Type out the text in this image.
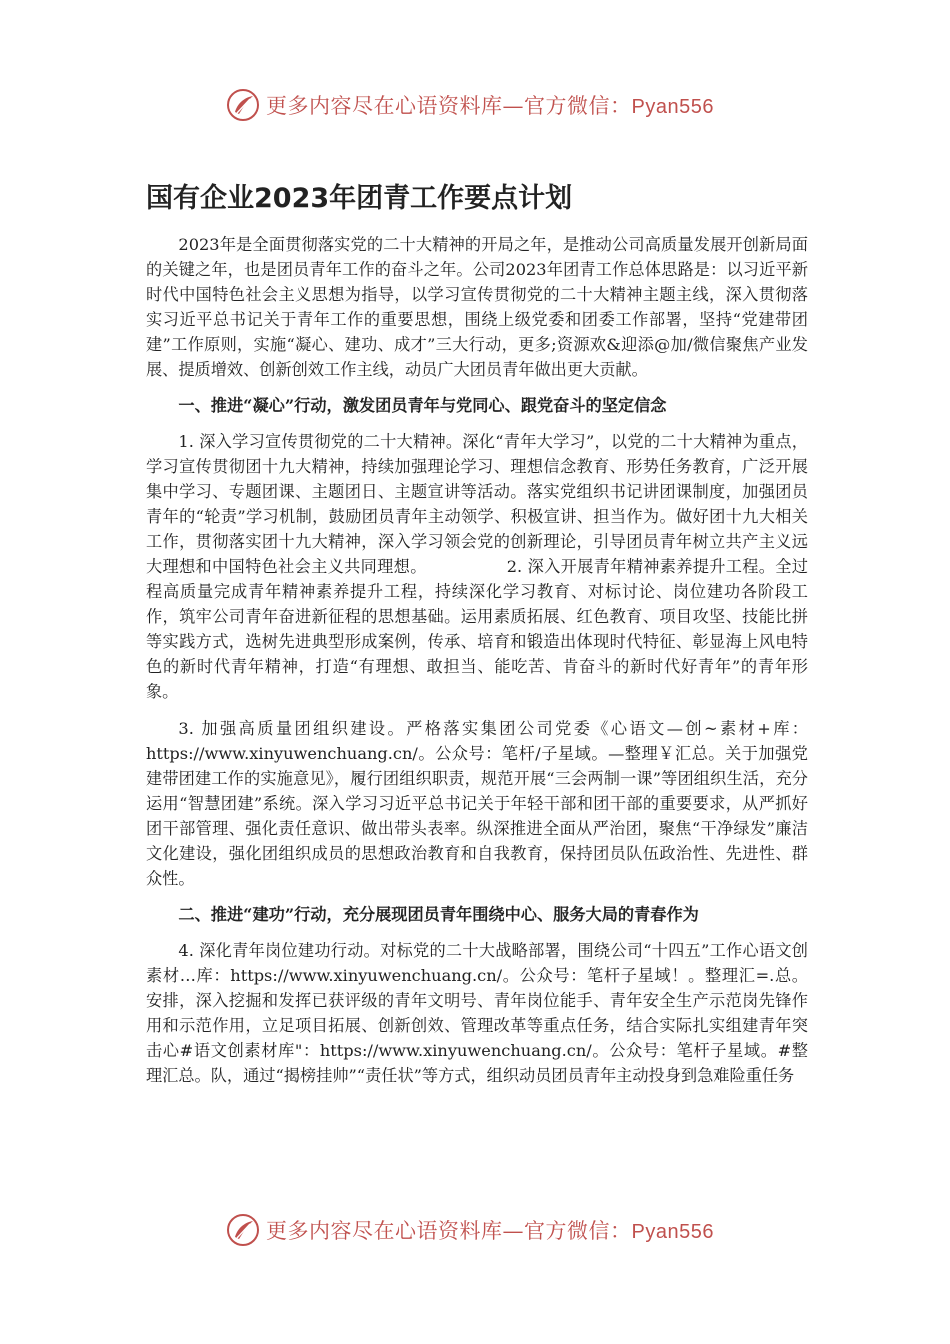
更多内容尽在心语资料库—官方微信：Pyan556
国有企业2023年团青工作要点计划

2023年是全面贯彻落实党的二十大精神的开局之年，是推动公司高质量发展开创新局面的关键之年，也是团员青年工作的奋斗之年。公司2023年团青工作总体思路是：以习近平新时代中国特色社会主义思想为指导，以学习宣传贯彻党的二十大精神主题主线，深入贯彻落实习近平总书记关于青年工作的重要思想，围绕上级党委和团委工作部署，坚持“党建带团建”工作原则，实施“凝心、建功、成才”三大行动，更多;资源欢&迎添@加/微信聚焦产业发展、提质增效、创新创效工作主线，动员广大团员青年做出更大贡献。

一、推进“凝心”行动，激发团员青年与党同心、跟党奋斗的坚定信念

1. 深入学习宣传贯彻党的二十大精神。深化“青年大学习”，以党的二十大精神为重点，学习宣传贯彻团十九大精神，持续加强理论学习、理想信念教育、形势任务教育，广泛开展集中学习、专题团课、主题团日、主题宣讲等活动。落实党组织书记讲团课制度，加强团员青年的“轮责”学习机制，鼓励团员青年主动领学、积极宣讲、担当作为。做好团十九大相关工作，贯彻落实团十九大精神，深入学习领会党的创新理论，引导团员青年树立共产主义远大理想和中国特色社会主义共同理想。	2. 深入开展青年精神素养提升工程。全过程高质量完成青年精神素养提升工程，持续深化学习教育、对标讨论、岗位建功各阶段工作，筑牢公司青年奋进新征程的思想基础。运用素质拓展、红色教育、项目攻坚、技能比拼等实践方式，选树先进典型形成案例，传承、培育和锻造出体现时代特征、彰显海上风电特色的新时代青年精神，打造“有理想、敢担当、能吃苦、肯奋斗的新时代好青年”的青年形象。

3. 加强高质量团组织建设。严格落实集团公司党委《心语文—创~素材+库：https://www.xinyuwenchuang.cn/。公众号：笔杆/子星域。—整理￥汇总。关于加强党建带团建工作的实施意见》，履行团组织职责，规范开展“三会两制一课”等团组织生活，充分运用“智慧团建”系统。深入学习习近平总书记关于年轻干部和团干部的重要要求，从严抓好团干部管理、强化责任意识、做出带头表率。纵深推进全面从严治团，聚焦“干净绿发”廉洁文化建设，强化团组织成员的思想政治教育和自我教育，保持团员队伍政治性、先进性、群众性。

二、推进“建功”行动，充分展现团员青年围绕中心、服务大局的青春作为

4. 深化青年岗位建功行动。对标党的二十大战略部署，围绕公司“十四五”工作心语文创素材…库：https://www.xinyuwenchuang.cn/。公众号：笔杆子星域！。整理汇=.总。安排，深入挖掘和发挥已获评级的青年文明号、青年岗位能手、青年安全生产示范岗先锋作用和示范作用，立足项目拓展、创新创效、管理改革等重点任务，结合实际扎实组建青年突击心#语文创素材库"：https://www.xinyuwenchuang.cn/。公众号：笔杆子星域。#整理汇总。队，通过“揭榜挂帅”“责任状”等方式，组织动员团员青年主动投身到急难险重任务

更多内容尽在心语资料库—官方微信：Pyan556
